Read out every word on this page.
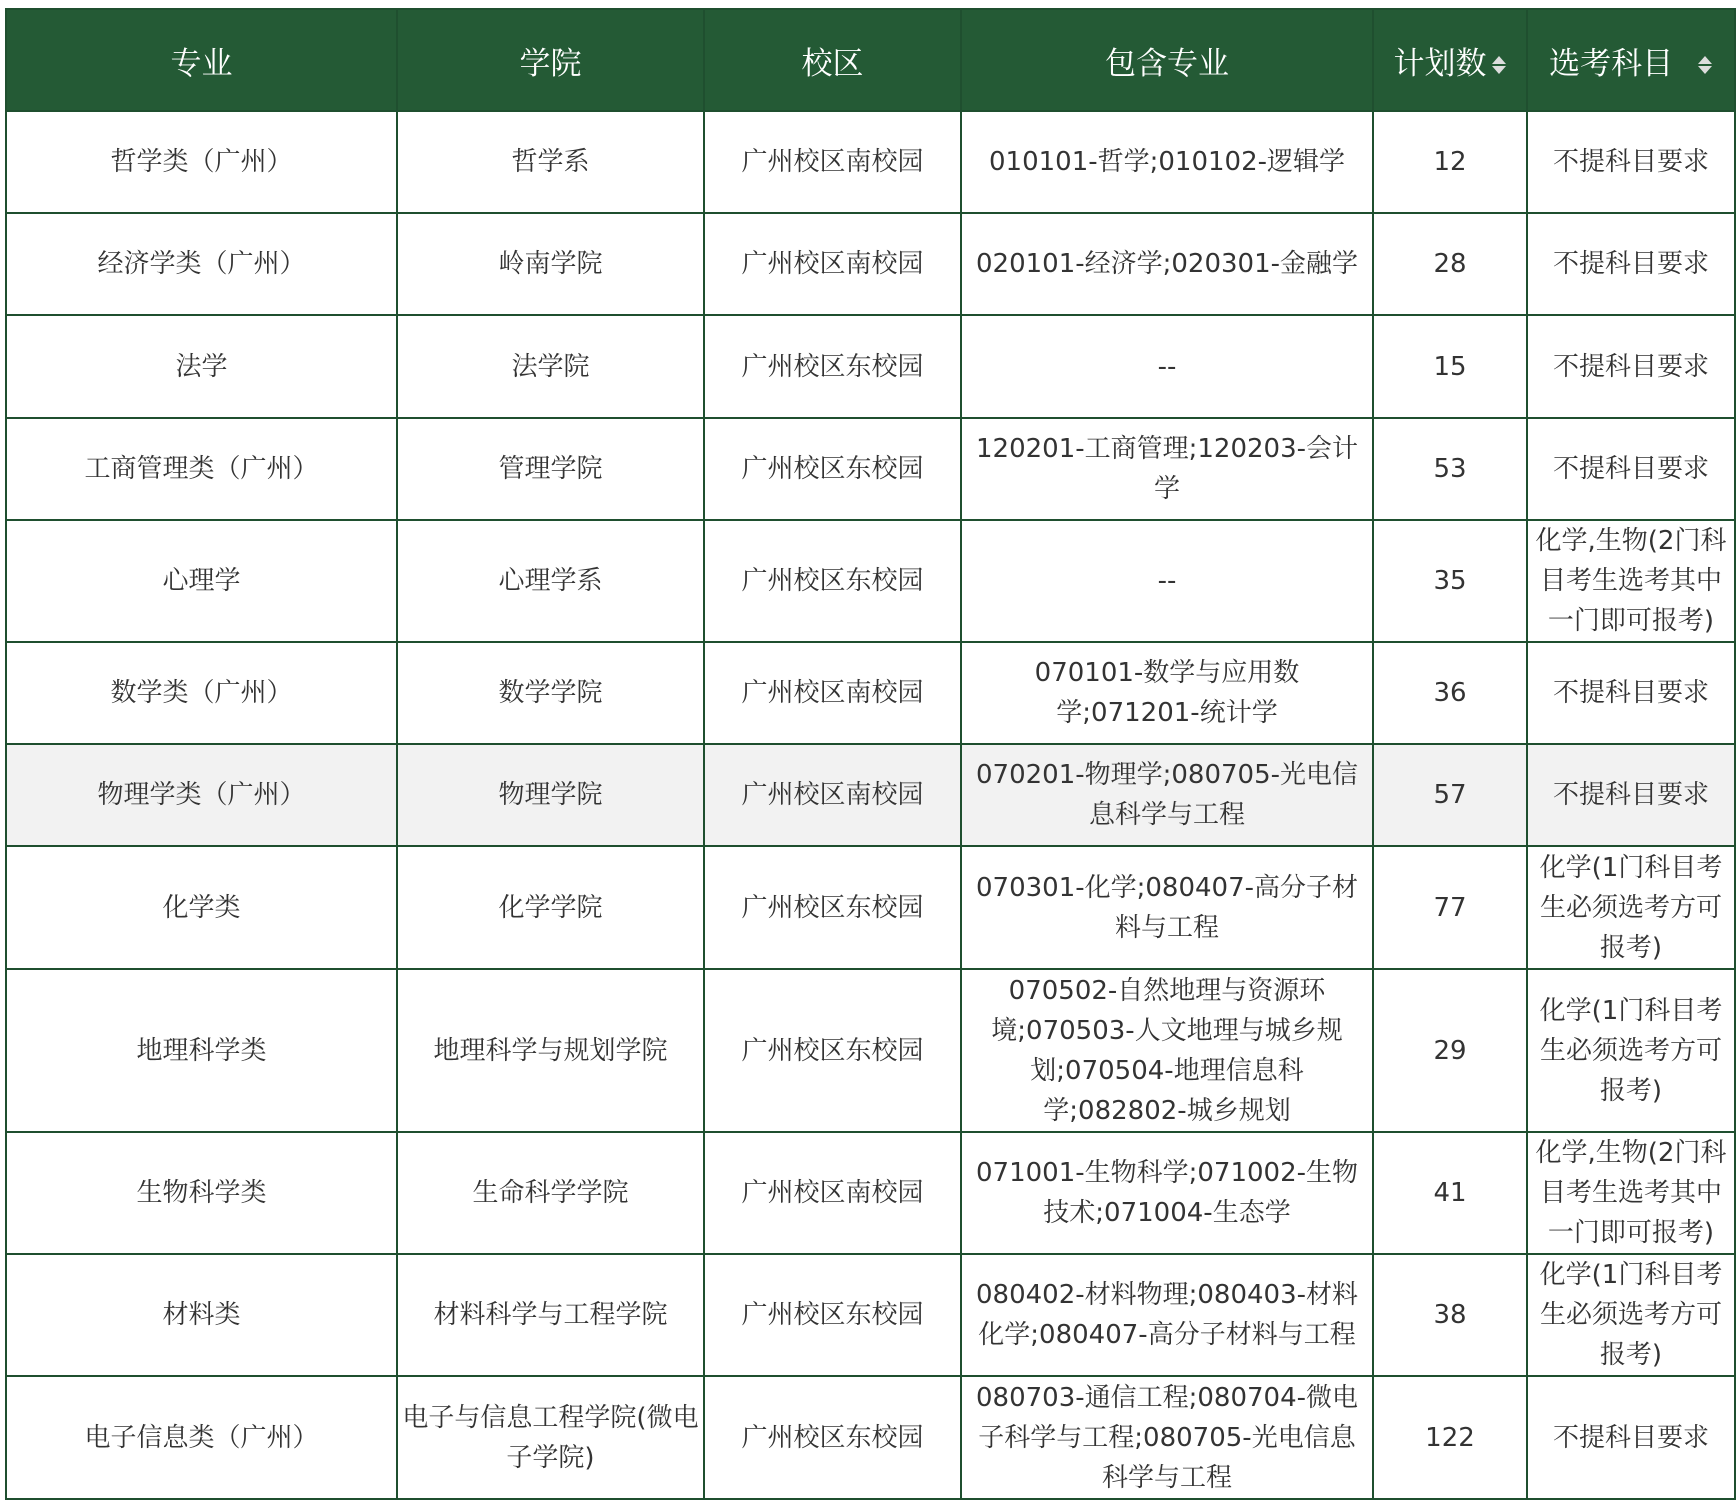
专业	学院	校区	包含专业	计划数	选考科目

哲学类（广州）	哲学系	广州校区南校园	010101-哲学;010102-逻辑学	12	不提科目要求
经济学类（广州）	岭南学院	广州校区南校园	020101-经济学;020301-金融学	28	不提科目要求
法学	法学院	广州校区东校园	--	15	不提科目要求
工商管理类（广州）	管理学院	广州校区东校园	120201-工商管理;120203-会计学	53	不提科目要求
心理学	心理学系	广州校区东校园	--	35	化学,生物(2门科目考生选考其中一门即可报考)
数学类（广州）	数学学院	广州校区南校园	070101-数学与应用数学;071201-统计学	36	不提科目要求
物理学类（广州）	物理学院	广州校区南校园	070201-物理学;080705-光电信息科学与工程	57	不提科目要求
化学类	化学学院	广州校区东校园	070301-化学;080407-高分子材料与工程	77	化学(1门科目考生必须选考方可报考)
地理科学类	地理科学与规划学院	广州校区东校园	070502-自然地理与资源环境;070503-人文地理与城乡规划;070504-地理信息科学;082802-城乡规划	29	化学(1门科目考生必须选考方可报考)
生物科学类	生命科学学院	广州校区南校园	071001-生物科学;071002-生物技术;071004-生态学	41	化学,生物(2门科目考生选考其中一门即可报考)
材料类	材料科学与工程学院	广州校区东校园	080402-材料物理;080403-材料化学;080407-高分子材料与工程	38	化学(1门科目考生必须选考方可报考)
电子信息类（广州）	电子与信息工程学院(微电子学院)	广州校区东校园	080703-通信工程;080704-微电子科学与工程;080705-光电信息科学与工程	122	不提科目要求
